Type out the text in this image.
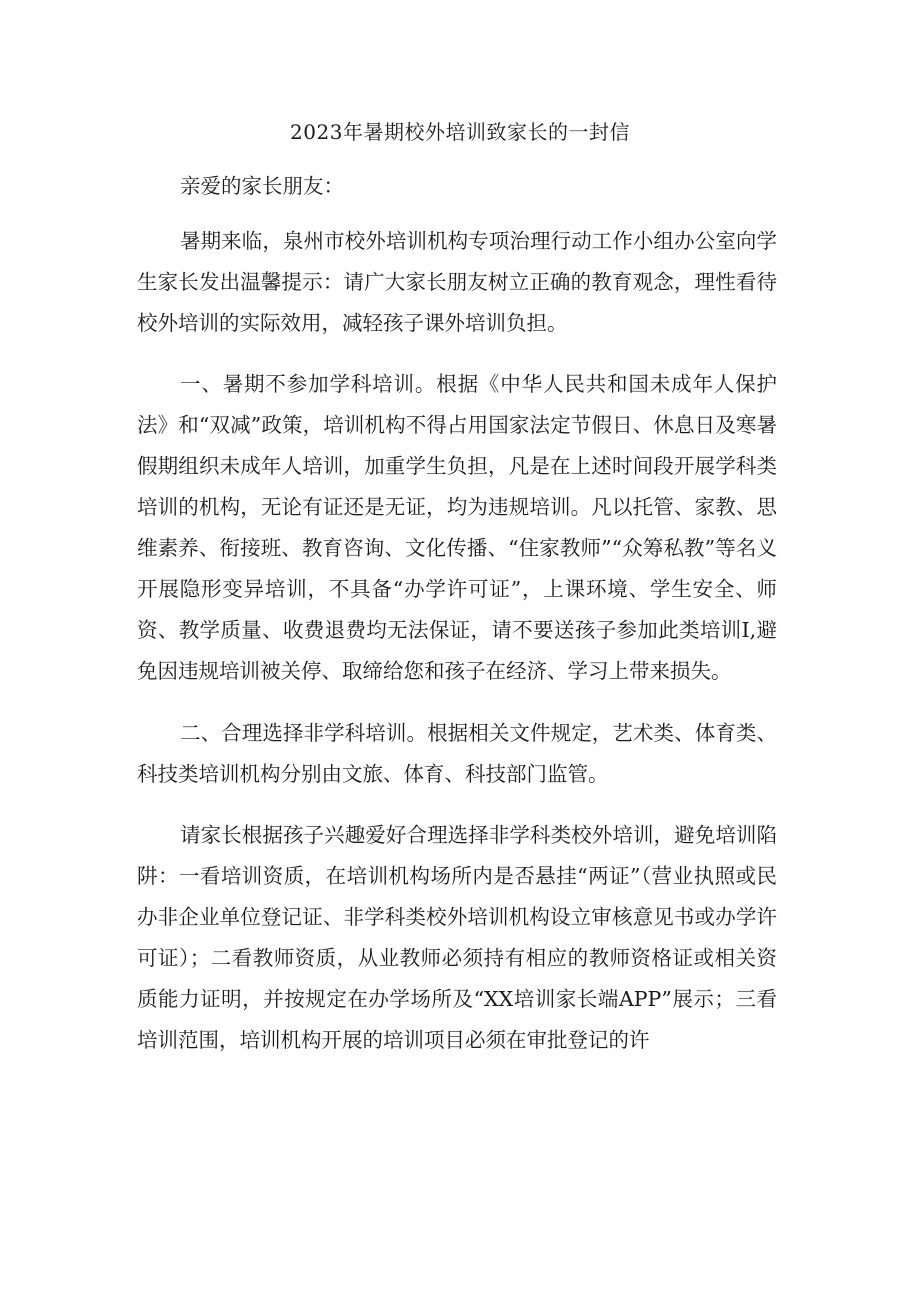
2023年暑期校外培训致家长的一封信
亲爱的家长朋友：

暑期来临，泉州市校外培训机构专项治理行动工作小组办公室向学生家长发出温馨提示：请广大家长朋友树立正确的教育观念，理性看待校外培训的实际效用，减轻孩子课外培训负担。

一、暑期不参加学科培训。根据《中华人民共和国未成年人保护法》和“双减”政策，培训机构不得占用国家法定节假日、休息日及寒暑假期组织未成年人培训，加重学生负担，凡是在上述时间段开展学科类培训的机构，无论有证还是无证，均为违规培训。凡以托管、家教、思维素养、衔接班、教育咨询、文化传播、“住家教师”“众筹私教”等名义开展隐形变异培训，不具备“办学许可证”，上课环境、学生安全、师资、教学质量、收费退费均无法保证，请不要送孩子参加此类培训I,避免因违规培训被关停、取缔给您和孩子在经济、学习上带来损失。

二、合理选择非学科培训。根据相关文件规定，艺术类、体育类、科技类培训机构分别由文旅、体育、科技部门监管。

请家长根据孩子兴趣爱好合理选择非学科类校外培训，避免培训陷阱：一看培训资质，在培训机构场所内是否悬挂“两证”（营业执照或民办非企业单位登记证、非学科类校外培训机构设立审核意见书或办学许可证）；二看教师资质，从业教师必须持有相应的教师资格证或相关资质能力证明，并按规定在办学场所及“XX培训家长端APP”展示；三看培训范围，培训机构开展的培训项目必须在审批登记的许
